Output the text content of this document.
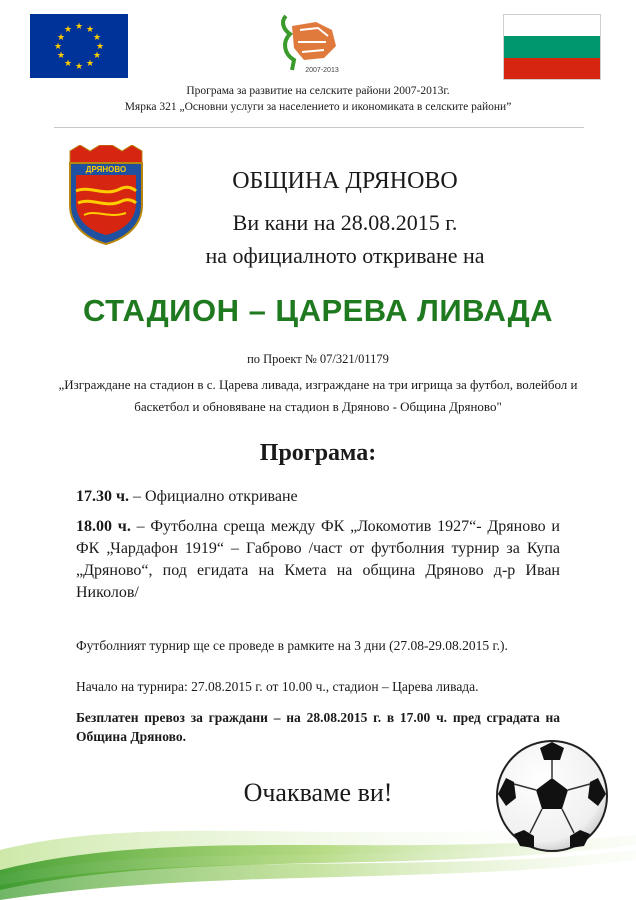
★ ★
★
★
★
★
★
★
★
★
★
★
2007-2013
Програма за развитие на селските райони 2007-2013г.
Мярка 321 „Основни услуги за населението и икономиката в селските райони”
ДРЯНОВО	ОБЩИНА ДРЯНОВО
Ви кани на 28.08.2015 г.
на официалното откриване на
СТАДИОН – ЦАРЕВА ЛИВАДА
по Проект № 07/321/01179
„Изграждане на стадион в с. Царева ливада, изграждане на три игрища за футбол, волейбол и баскетбол и обновяване на стадион в Дряново - Община Дряново"
Програма:
17.30 ч. – Официално откриване
18.00 ч. – Футболна среща между ФК „Локомотив 1927“- Дряново и ФК „Чардафон 1919“ – Габрово /част от футболния турнир за Купа „Дряново“, под егидата на Кмета на община Дряново д-р Иван Николов/
Футболният турнир ще се проведе в рамките на 3 дни (27.08-29.08.2015 г.).
Начало на турнира: 27.08.2015 г. от 10.00 ч., стадион – Царева ливада.
Безплатен превоз за граждани – на 28.08.2015 г. в 17.00 ч. пред сградата на Община Дряново.
Очакваме ви!
